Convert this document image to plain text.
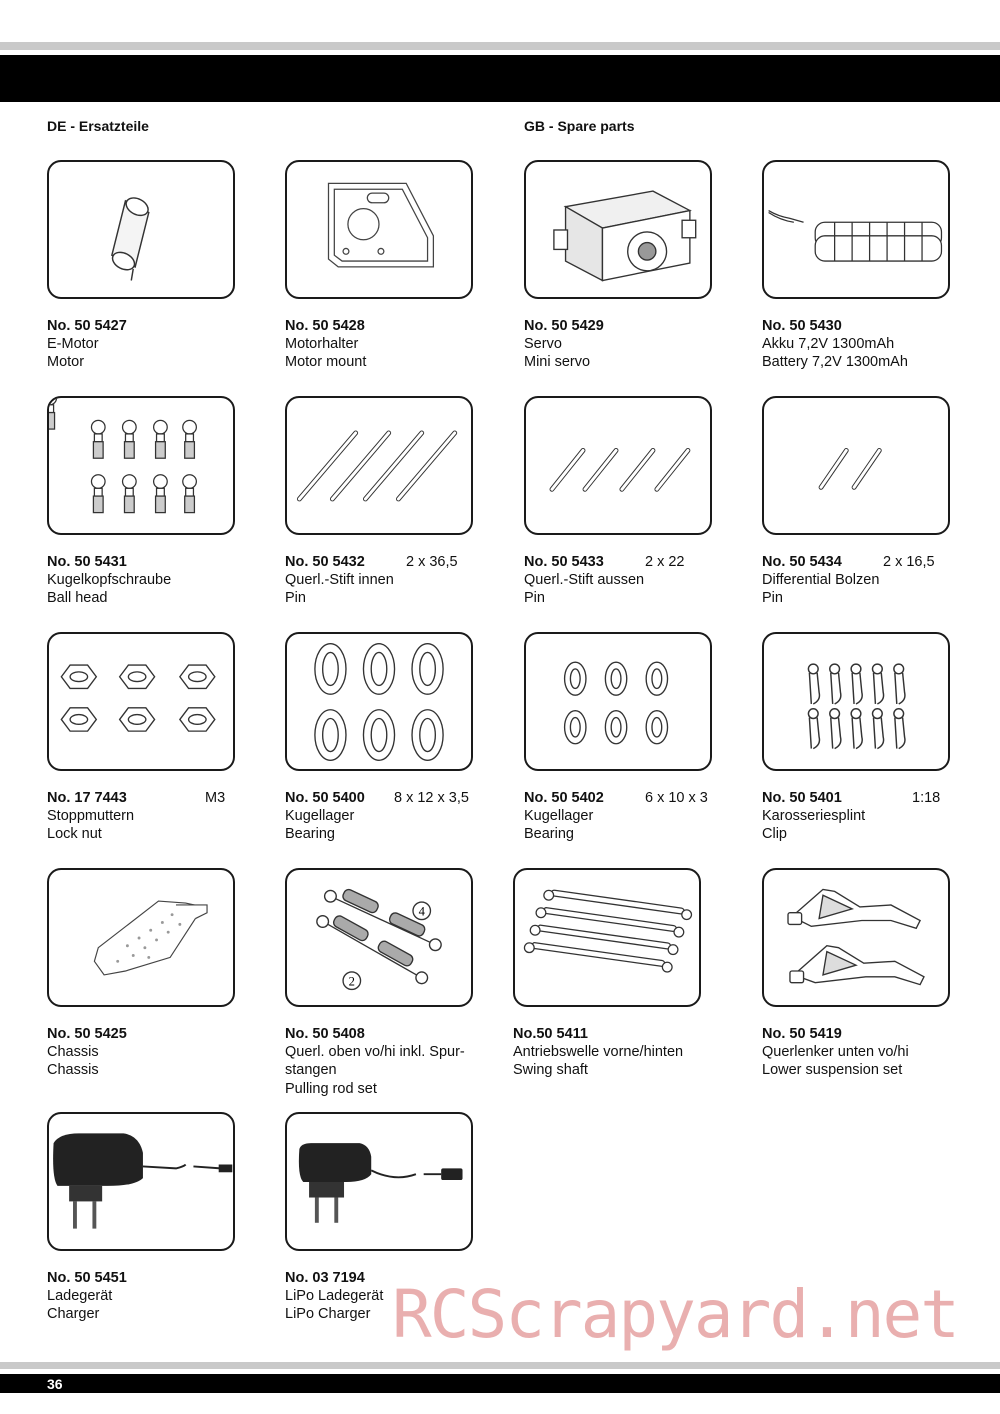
DE - Ersatzteile	GB - Spare parts
No. 50 5427
E-Motor
Motor
No. 50 5428
Motorhalter
Motor mount
No. 50 5429
Servo
Mini servo
No. 50 5430
Akku 7,2V 1300mAh
Battery 7,2V 1300mAh
No. 50 5431
Kugelkopfschraube
Ball head
No. 50 5432
Querl.-Stift innen
Pin
2 x 36,5	No. 50 5433
Querl.-Stift aussen
Pin
2 x 22	No. 50 5434
Differential Bolzen
Pin
2 x 16,5
No. 17 7443
Stoppmuttern
Lock nut
M3	No. 50 5400
Kugellager
Bearing
8 x 12 x 3,5	No. 50 5402
Kugellager
Bearing
6 x 10 x 3	No. 50 5401
Karosseriesplint
Clip
1:18
No. 50 5425
Chassis
Chassis
4
2
No. 50 5408
Querl. oben vo/hi inkl. Spur-
stangen
Pulling rod set
No.50 5411
Antriebswelle vorne/hinten
Swing shaft
No. 50 5419
Querlenker unten vo/hi
Lower suspension set
No. 50 5451
Ladegerät
Charger
No. 03 7194
LiPo Ladegerät
LiPo Charger RCScrapyard.net
36
